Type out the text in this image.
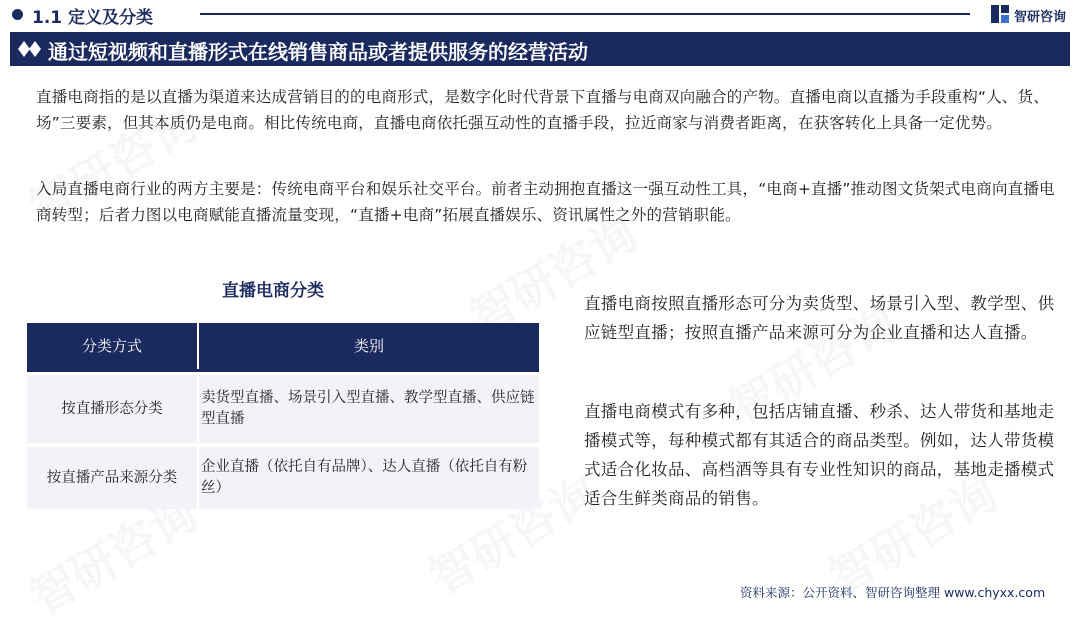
1.1 定义及分类	智研咨询
通过短视频和直播形式在线销售商品或者提供服务的经营活动
直播电商指的是以直播为渠道来达成营销目的的电商形式，是数字化时代背景下直播与电商双向融合的产物。直播电商以直播为手段重构“人、货、场”三要素，但其本质仍是电商。相比传统电商，直播电商依托强互动性的直播手段，拉近商家与消费者距离，在获客转化上具备一定优势。
入局直播电商行业的两方主要是：传统电商平台和娱乐社交平台。前者主动拥抱直播这一强互动性工具，“电商+直播”推动图文货架式电商向直播电商转型；后者力图以电商赋能直播流量变现，“直播+电商”拓展直播娱乐、资讯属性之外的营销职能。
直播电商分类
分类方式	类别
按直播形态分类
卖货型直播、场景引入型直播、教学型直播、供应链型直播
按直播产品来源分类
企业直播（依托自有品牌）、达人直播（依托自有粉丝）
直播电商按照直播形态可分为卖货型、场景引入型、教学型、供应链型直播；按照直播产品来源可分为企业直播和达人直播。
直播电商模式有多种，包括店铺直播、秒杀、达人带货和基地走播模式等，每种模式都有其适合的商品类型。例如，达人带货模式适合化妆品、高档酒等具有专业性知识的商品，基地走播模式适合生鲜类商品的销售。
资料来源：公开资料、智研咨询整理 www.chyxx.com
